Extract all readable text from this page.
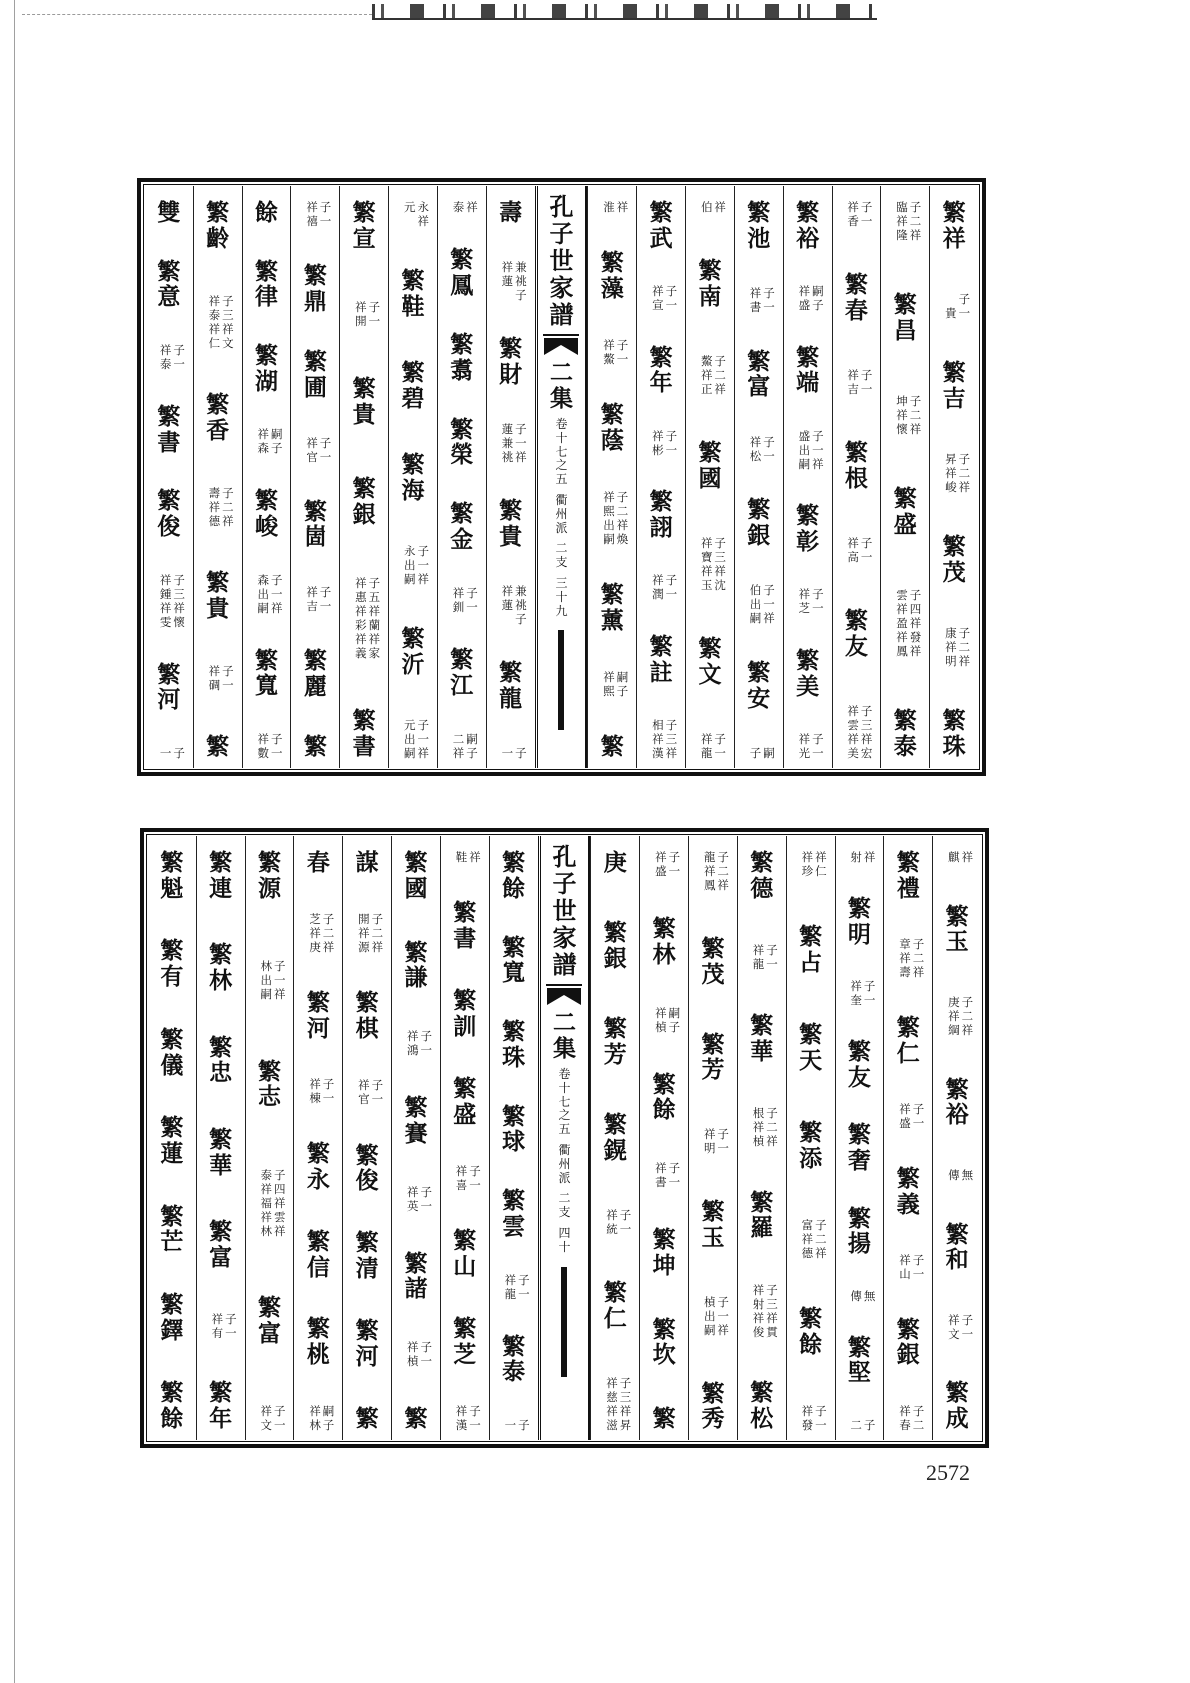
繁祥
子
貴一
繁吉
昇子
祥二
峻祥
繁茂
康子
祥二
明祥
繁珠
臨子
祥二
隆祥
繁昌
坤子
祥二
懷祥
繁盛
雲子
祥四
盈祥
祥發
鳳祥
繁泰
祥子
香一
繁春
祥子
吉一
繁根
祥子
高一
繁友
祥子
雲三
祥祥
美宏
繁裕
祥嗣
盛子
繁端
盛子
出一
嗣祥
繁彰
祥子
芝一
繁美
祥子
光一
繁池
祥子
書一
繁富
祥子
松一
繁銀
伯子
出一
嗣祥
繁安
子嗣
伯祥
繁南
鰲子
祥二
正祥
繁國
祥子
寶三
祥祥
玉沈
繁文
祥子
龍一
繁武
祥子
宣一
繁年
祥子
彬一
繁詡
祥子
潤一
繁註
相子
祥三
漢祥
淮祥
繁藻
祥子
鰲一
繁蔭
祥子
熙二
出祥
嗣煥
繁薰
祥嗣
熙子
繁
孔子世家譜
二集
卷十七之五
衢州派
二支
三十九
壽
祥兼
蓮祧
子
繁財
蓮子
兼一
祧祥
繁貴
祥兼
蓮祧
子
繁龍
一子
泰祥
繁鳳
繁翥
繁榮
繁金
祥子
釧一
繁江
二嗣
祥子
元永
祥
繁鞋
繁碧
繁海
永子
出一
嗣祥
繁沂
元子
出一
嗣祥
繁宣
祥子
開一
繁貴
繁銀
祥子
惠五
祥祥
彩蘭
祥祥
義家
繁書
祥子
禧一
繁鼎
繁圃
祥子
官一
繁崮
祥子
吉一
繁麗
繁
餘
繁律
繁湖
祥嗣
森子
繁峻
森子
出一
嗣祥
繁寬
祥子
數一
繁齡
祥子
泰三
祥祥
仁文
繁香
壽子
祥二
德祥
繁貴
祥子
碉一
繁
雙
繁意
祥子
泰一
繁書
繁俊
祥子
鍾三
祥祥
雯懷
繁河
一子
麒祥
繁玉
庚子
祥二
綱祥
繁裕
傳無
繁和
祥子
文一
繁成
繁禮
章子
祥二
壽祥
繁仁
祥子
盛一
繁義
祥子
山一
繁銀
祥子
春二
射祥
繁明
祥子
奎一
繁友
繁奢
繁揚
傳無
繁堅
二子
祥祥
珍仁
繁占
繁天
繁添
富子
祥二
德祥
繁餘
祥子
發一
繁德
祥子
龍一
繁華
根子
祥二
楨祥
繁羅
祥子
射三
祥祥
俊貫
繁松
龍子
祥二
鳳祥
繁茂
繁芳
祥子
明一
繁玉
楨子
出一
嗣祥
繁秀
祥子
盛一
繁林
祥嗣
楨子
繁餘
祥子
書一
繁坤
繁坎
繁
庚
繁銀
繁芳
繁鎤
祥子
統一
繁仁
祥子
慈三
祥祥
滋昇
孔子世家譜
二集
卷十七之五
衢州派
二支
四十
繁餘
繁寬
繁珠
繁球
繁雲
祥子
龍一
繁泰
一子
鞋祥
繁書
繁訓
繁盛
祥子
喜一
繁山
繁芝
祥子
漢一
繁國
繁謙
祥子
鴻一
繁賽
祥子
英一
繁諸
祥子
楨一
繁
謀
開子
祥二
源祥
繁棋
祥子
官一
繁俊
繁清
繁河
繁
春
芝子
祥二
庚祥
繁河
祥子
棟一
繁永
繁信
繁桃
祥嗣
林子
繁源
林子
出一
嗣祥
繁志
泰子
祥四
福祥
祥雲
林祥
繁富
祥子
文一
繁連
繁林
繁忠
繁華
繁富
祥子
有一
繁年
繁魁
繁有
繁儀
繁蓮
繁芒
繁鐸
繁餘
2572
